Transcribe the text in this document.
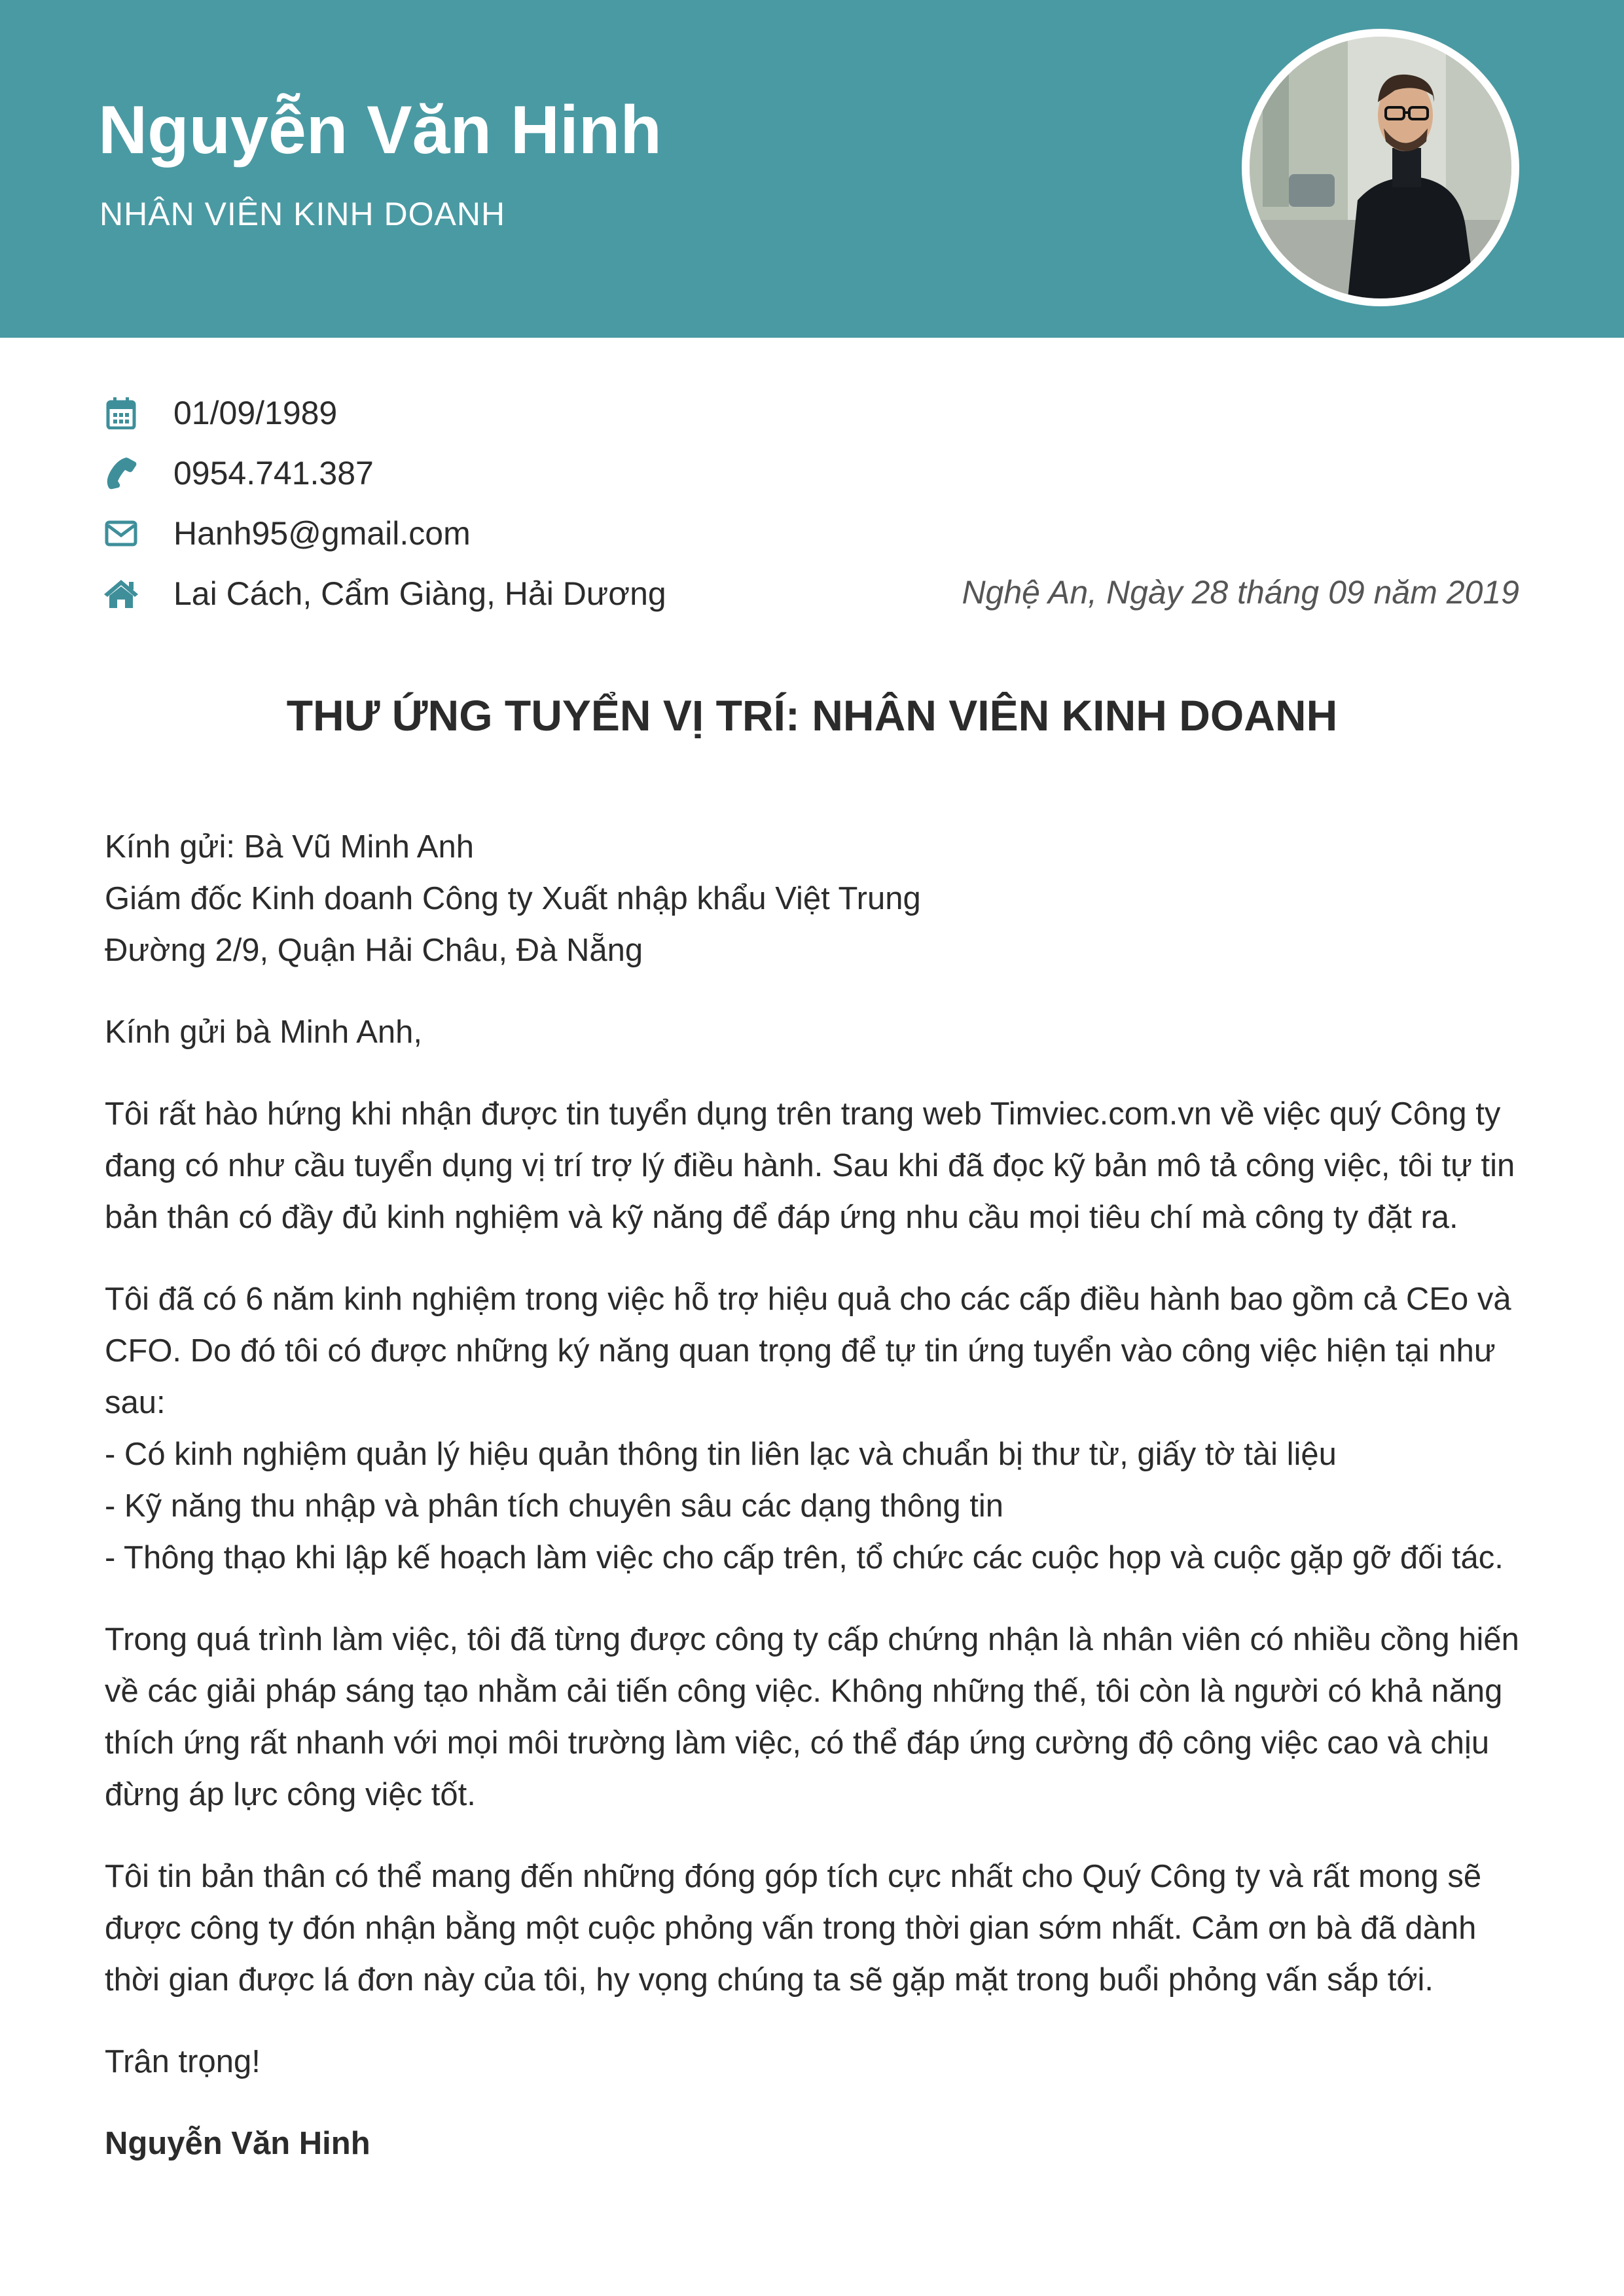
Nguyễn Văn Hinh
NHÂN VIÊN KINH DOANH
01/09/1989
0954.741.387
Hanh95@gmail.com
Lai Cách, Cẩm Giàng, Hải Dương	Nghệ An, Ngày 28 tháng 09 năm 2019
THƯ ỨNG TUYỂN VỊ TRÍ: NHÂN VIÊN KINH DOANH

Kính gửi: Bà Vũ Minh Anh

Giám đốc Kinh doanh Công ty Xuất nhập khẩu Việt Trung

Đường 2/9, Quận Hải Châu, Đà Nẵng

Kính gửi bà Minh Anh,

Tôi rất hào hứng khi nhận được tin tuyển dụng trên trang web Timviec.com.vn về việc quý Công ty đang có như cầu tuyển dụng vị trí trợ lý điều hành. Sau khi đã đọc kỹ bản mô tả công việc, tôi tự tin bản thân có đầy đủ kinh nghiệm và kỹ năng để đáp ứng nhu cầu mọi tiêu chí mà công ty đặt ra.

Tôi đã có 6 năm kinh nghiệm trong việc hỗ trợ hiệu quả cho các cấp điều hành bao gồm cả CEo và CFO. Do đó tôi có được những ký năng quan trọng để tự tin ứng tuyển vào công việc hiện tại như sau:
- Có kinh nghiệm quản lý hiệu quản thông tin liên lạc và chuẩn bị thư từ, giấy tờ tài liệu
- Kỹ năng thu nhập và phân tích chuyên sâu các dạng thông tin
- Thông thạo khi lập kế hoạch làm việc cho cấp trên, tổ chức các cuộc họp và cuộc gặp gỡ đối tác.

Trong quá trình làm việc, tôi đã từng được công ty cấp chứng nhận là nhân viên có nhiều cồng hiến về các giải pháp sáng tạo nhằm cải tiến công việc. Không những thế, tôi còn là người có khả năng thích ứng rất nhanh với mọi môi trường làm việc, có thể đáp ứng cường độ công việc cao và chịu đừng áp lực công việc tốt.

Tôi tin bản thân có thể mang đến những đóng góp tích cực nhất cho Quý Công ty và rất mong sẽ được công ty đón nhận bằng một cuộc phỏng vấn trong thời gian sớm nhất. Cảm ơn bà đã dành thời gian được lá đơn này của tôi, hy vọng chúng ta sẽ gặp mặt trong buổi phỏng vấn sắp tới.

Trân trọng!

Nguyễn Văn Hinh
